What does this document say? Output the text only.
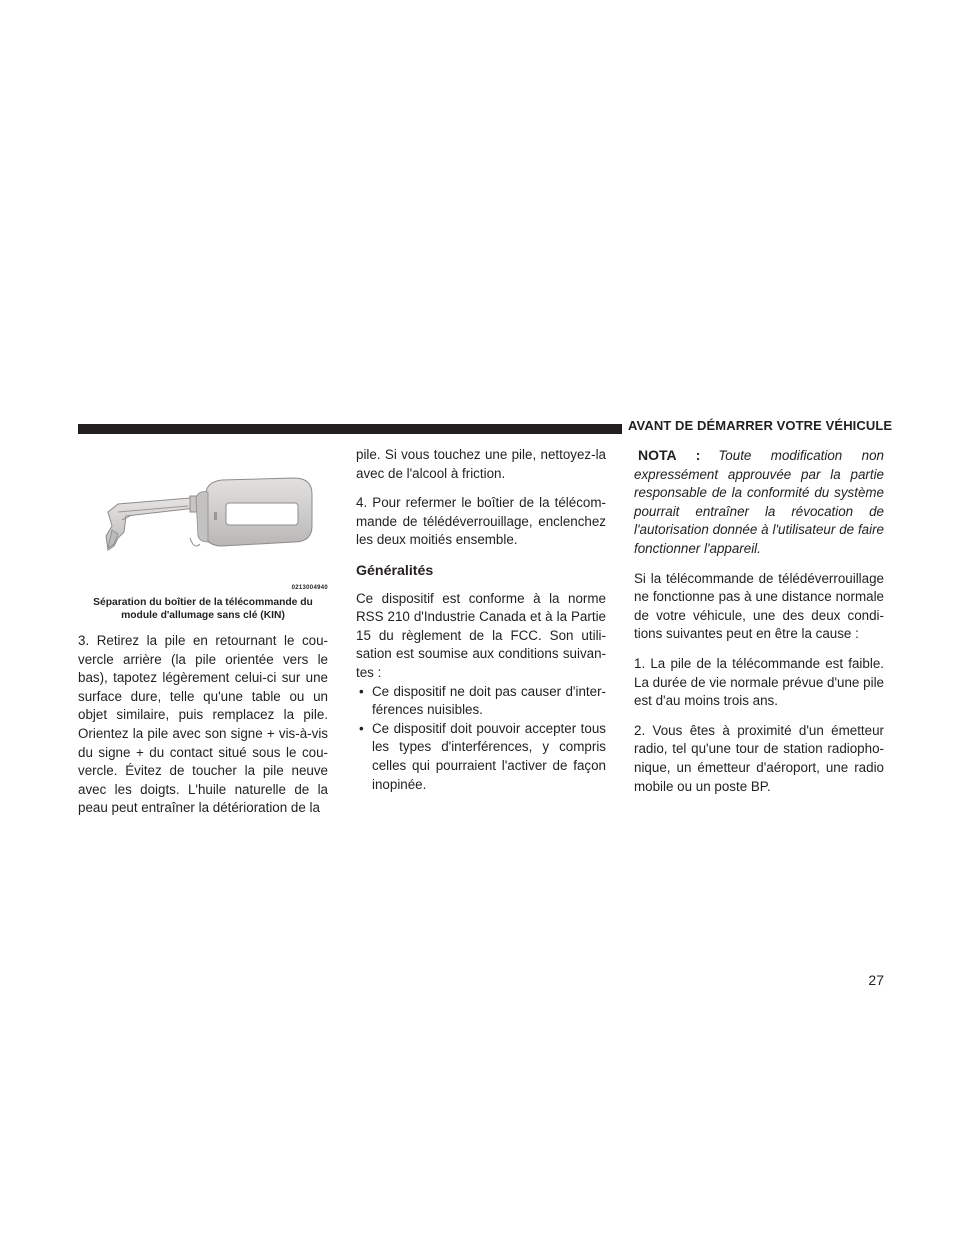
AVANT DE DÉMARRER VOTRE VÉHICULE
0213004940
Séparation du boîtier de la télécommande du
module d'allumage sans clé (KIN)

3. Retirez la pile en retournant le couvercle arrière (la pile orientée vers le bas), tapotez légèrement celui-ci sur une surface dure, telle qu'une table ou un objet similaire, puis remplacez la pile. Orientez la pile avec son signe + vis-à-vis du signe + du contact situé sous le couvercle. Évitez de toucher la pile neuve avec les doigts. L'huile naturelle de la peau peut entraîner la détérioration de la

pile. Si vous touchez une pile, nettoyez-la avec de l'alcool à friction.

4. Pour refermer le boîtier de la télécommande de télédéverrouillage, enclenchez les deux moitiés ensemble.

Généralités

Ce dispositif est conforme à la norme RSS 210 d'Industrie Canada et à la Partie 15 du règlement de la FCC. Son utilisation est soumise aux conditions suivantes :

• Ce dispositif ne doit pas causer d'interférences nuisibles.
• Ce dispositif doit pouvoir accepter tous les types d'interférences, y compris celles qui pourraient l'activer de façon inopinée.

NOTA : Toute modification non expressément approuvée par la partie responsable de la conformité du système pourrait entraîner la révocation de l'autorisation donnée à l'utilisateur de faire fonctionner l'appareil.

Si la télécommande de télédéverrouillage ne fonctionne pas à une distance normale de votre véhicule, une des deux conditions suivantes peut en être la cause :

1. La pile de la télécommande est faible. La durée de vie normale prévue d'une pile est d'au moins trois ans.

2. Vous êtes à proximité d'un émetteur radio, tel qu'une tour de station radiophonique, un émetteur d'aéroport, une radio mobile ou un poste BP.

27
